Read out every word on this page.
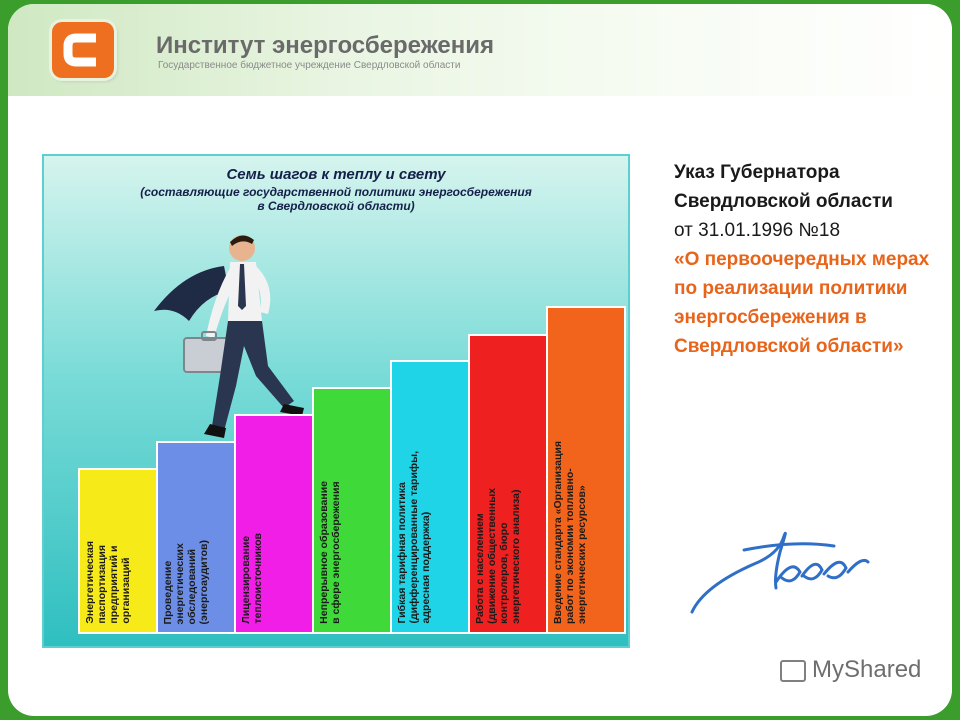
Институт энергосбережения
Государственное бюджетное учреждение Свердловской области
Семь шагов к теплу и свету
(составляющие государственной политики энергосбережения
в Свердловской области)
Энергетическая
паспортизация
предприятий и
организаций	Проведение
энергетических
обследований
(энергоаудитов)	Лицензирование
теплоисточников	Непрерывное образование
в сфере энергосбережения
Гибкая тарифная политика
(дифференцированные тарифы,
адресная поддержка)
Работа с населением
(движение общественных
контролеров, бюро
энергетического анализа)
Введение стандарта «Организация
работ по экономии топливно-
энергетических ресурсов»
Указ Губернатора Свердловской области
от 31.01.1996 №18
«О первоочередных мерах по реализации политики энергосбережения в Свердловской области»
MyShared
